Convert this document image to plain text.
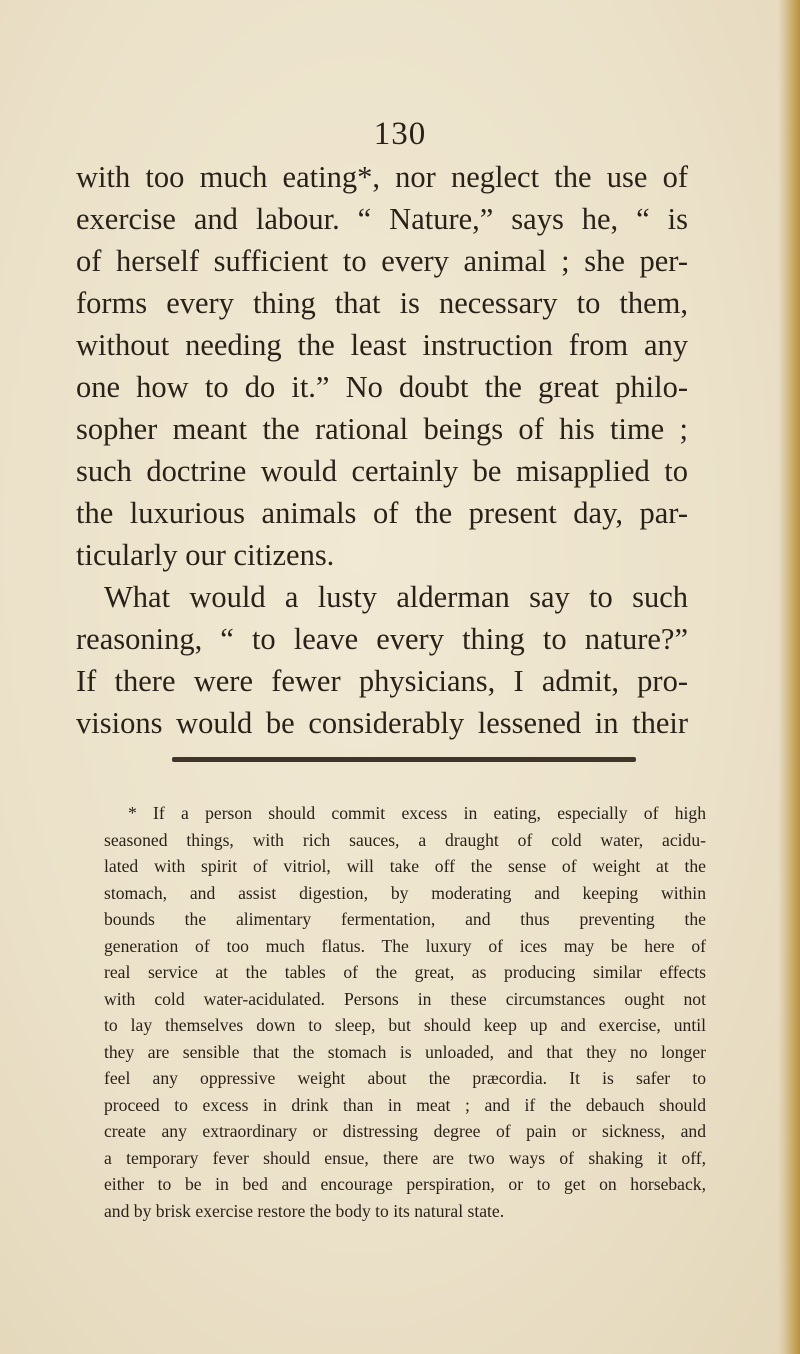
130

with too much eating*, nor neglect the use of

exercise and labour. “ Nature,” says he, “ is

of herself sufficient to every animal ; she per-

forms every thing that is necessary to them,

without needing the least instruction from any

one how to do it.” No doubt the great philo-

sopher meant the rational beings of his time ;

such doctrine would certainly be misapplied to

the luxurious animals of the present day, par-

ticularly our citizens.

What would a lusty alderman say to such

reasoning, “ to leave every thing to nature?”

If there were fewer physicians, I admit, pro-

visions would be considerably lessened in their

* If a person should commit excess in eating, especially of high

seasoned things, with rich sauces, a draught of cold water, acidu-

lated with spirit of vitriol, will take off the sense of weight at the

stomach, and assist digestion, by moderating and keeping within

bounds the alimentary fermentation, and thus preventing the

generation of too much flatus. The luxury of ices may be here of

real service at the tables of the great, as producing similar effects

with cold water-acidulated. Persons in these circumstances ought not

to lay themselves down to sleep, but should keep up and exercise, until

they are sensible that the stomach is unloaded, and that they no longer

feel any oppressive weight about the præcordia. It is safer to

proceed to excess in drink than in meat ; and if the debauch should

create any extraordinary or distressing degree of pain or sickness, and

a temporary fever should ensue, there are two ways of shaking it off,

either to be in bed and encourage perspiration, or to get on horseback,

and by brisk exercise restore the body to its natural state.
